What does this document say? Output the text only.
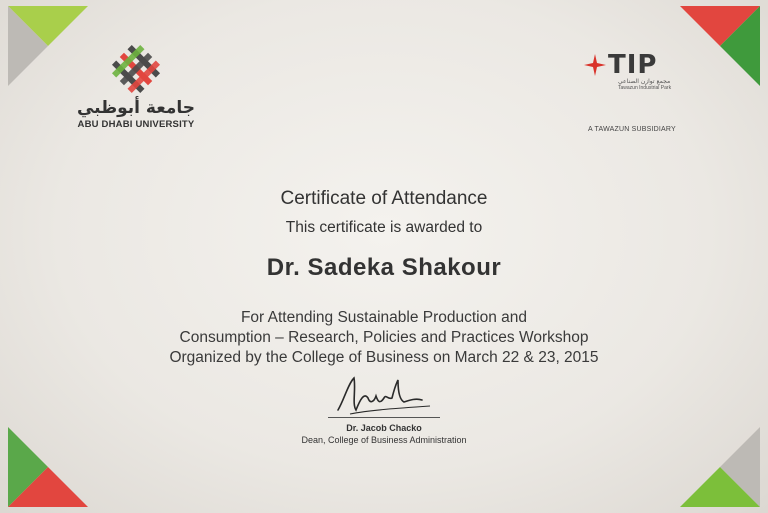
جامعة أبوظبي
ABU DHABI UNIVERSITY
TIP
مجمع توازن الصناعي
Tawazun Industrial Park
A TAWAZUN SUBSIDIARY
Certificate of Attendance
This certificate is awarded to
Dr. Sadeka Shakour
For Attending Sustainable Production and
Consumption – Research, Policies and Practices Workshop
Organized by the College of Business on March 22 & 23, 2015
Dr. Jacob Chacko
Dean, College of Business Administration
